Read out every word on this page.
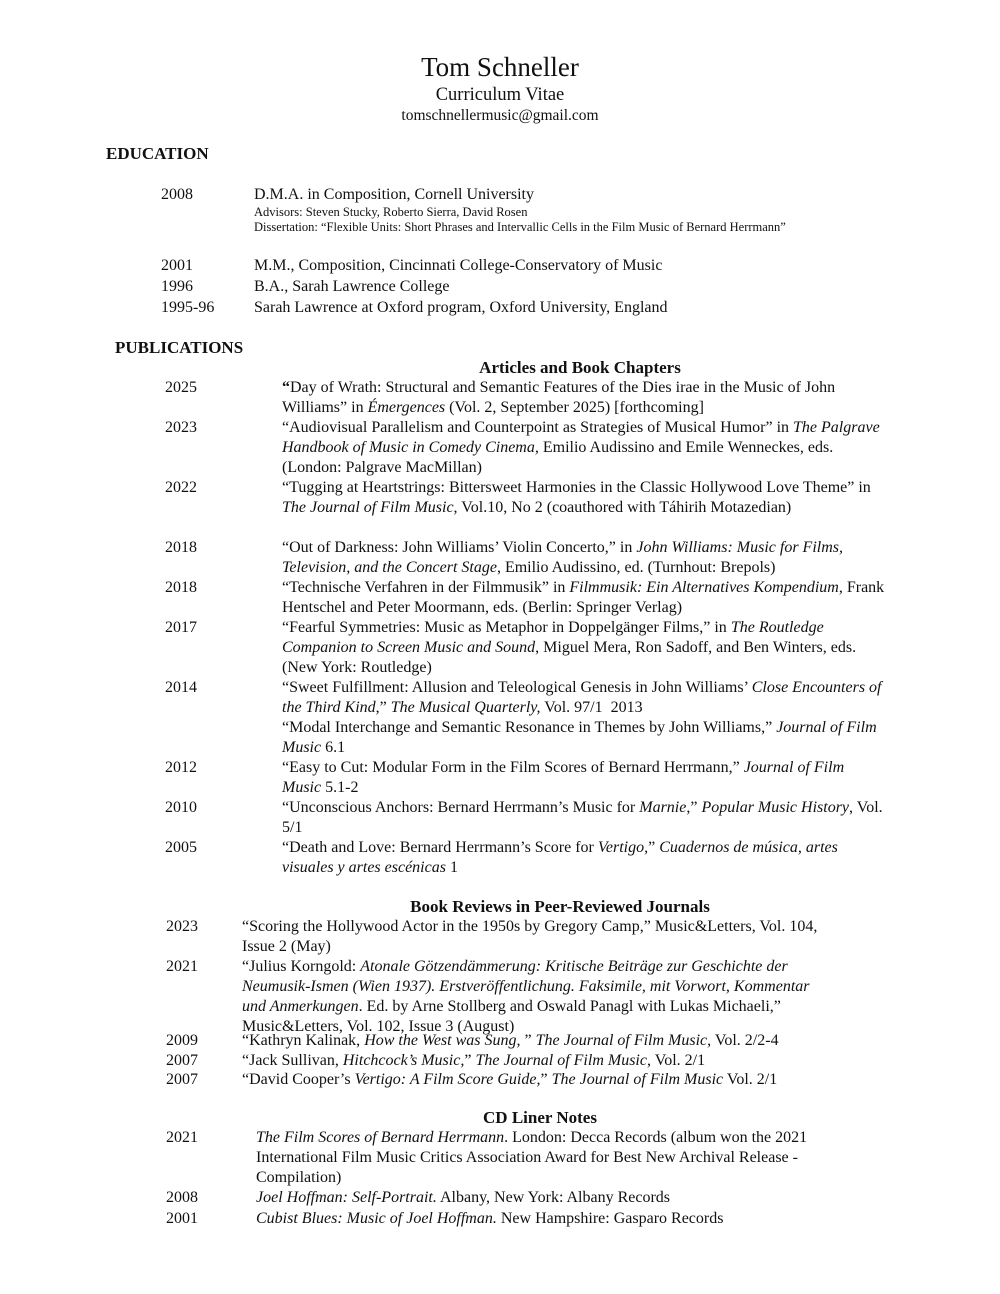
Tom Schneller
Curriculum Vitae
tomschnellermusic@gmail.com
EDUCATION
2008	D.M.A. in Composition, Cornell University
Advisors: Steven Stucky, Roberto Sierra, David Rosen
Dissertation: “Flexible Units: Short Phrases and Intervallic Cells in the Film Music of Bernard Herrmann”
2001	M.M., Composition, Cincinnati College-Conservatory of Music
1996	B.A., Sarah Lawrence College
1995-96 Sarah Lawrence at Oxford program, Oxford University, England
PUBLICATIONS
Articles and Book Chapters
2025	“Day of Wrath: Structural and Semantic Features of the Dies irae in the Music of John Williams” in Émergences (Vol. 2, September 2025) [forthcoming]
2023	“Audiovisual Parallelism and Counterpoint as Strategies of Musical Humor” in The Palgrave Handbook of Music in Comedy Cinema, Emilio Audissino and Emile Wenneckes, eds. (London: Palgrave MacMillan)
2022	“Tugging at Heartstrings: Bittersweet Harmonies in the Classic Hollywood Love Theme” in The Journal of Film Music, Vol.10, No 2 (coauthored with Táhirih Motazedian)
2018	“Out of Darkness: John Williams’ Violin Concerto,” in John Williams: Music for Films, Television, and the Concert Stage, Emilio Audissino, ed. (Turnhout: Brepols)
2018	“Technische Verfahren in der Filmmusik” in Filmmusik: Ein Alternatives Kompendium, Frank Hentschel and Peter Moormann, eds. (Berlin: Springer Verlag)
2017	“Fearful Symmetries: Music as Metaphor in Doppelgänger Films,” in The Routledge Companion to Screen Music and Sound, Miguel Mera, Ron Sadoff, and Ben Winters, eds. (New York: Routledge)
2014	“Sweet Fulfillment: Allusion and Teleological Genesis in John Williams’ Close Encounters of the Third Kind,” The Musical Quarterly, Vol. 97/1  2013
“Modal Interchange and Semantic Resonance in Themes by John Williams,” Journal of Film Music 6.1
2012	“Easy to Cut: Modular Form in the Film Scores of Bernard Herrmann,” Journal of Film Music 5.1-2
2010	“Unconscious Anchors: Bernard Herrmann’s Music for Marnie,” Popular Music History, Vol. 5/1
2005	“Death and Love: Bernard Herrmann’s Score for Vertigo,” Cuadernos de música, artes visuales y artes escénicas 1
Book Reviews in Peer-Reviewed Journals
2023	“Scoring the Hollywood Actor in the 1950s by Gregory Camp,” Music&Letters, Vol. 104, Issue 2 (May)
2021	“Julius Korngold: Atonale Götzendämmerung: Kritische Beiträge zur Geschichte der Neumusik-Ismen (Wien 1937). Erstveröffentlichung. Faksimile, mit Vorwort, Kommentar und Anmerkungen. Ed. by Arne Stollberg and Oswald Panagl with Lukas Michaeli,” Music&Letters, Vol. 102, Issue 3 (August)
2009	“Kathryn Kalinak, How the West was Sung, ” The Journal of Film Music, Vol. 2/2-4
2007	“Jack Sullivan, Hitchcock’s Music,” The Journal of Film Music, Vol. 2/1
2007	“David Cooper’s Vertigo: A Film Score Guide,” The Journal of Film Music Vol. 2/1
CD Liner Notes
2021	The Film Scores of Bernard Herrmann. London: Decca Records (album won the 2021 International Film Music Critics Association Award for Best New Archival Release - Compilation)
2008	Joel Hoffman: Self-Portrait. Albany, New York: Albany Records
2001	Cubist Blues: Music of Joel Hoffman. New Hampshire: Gasparo Records
